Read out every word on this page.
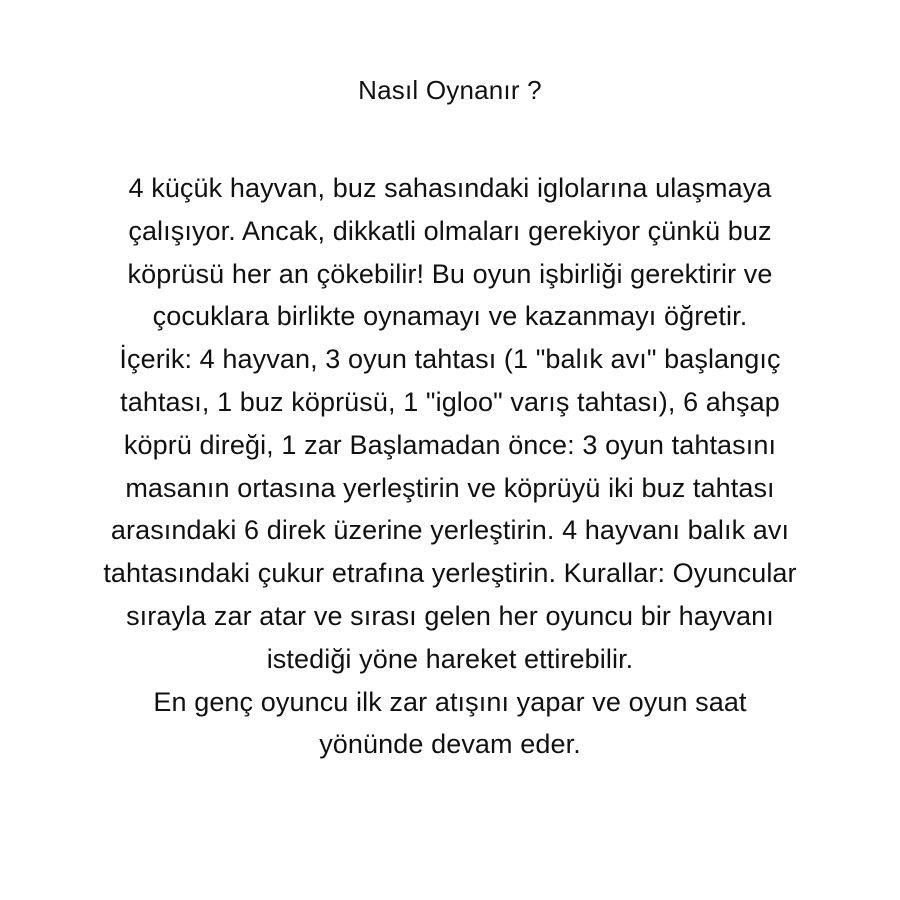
Nasıl Oynanır ?
4 küçük hayvan, buz sahasındaki iglolarına ulaşmaya
çalışıyor. Ancak, dikkatli olmaları gerekiyor çünkü buz
köprüsü her an çökebilir! Bu oyun işbirliği gerektirir ve
çocuklara birlikte oynamayı ve kazanmayı öğretir.
İçerik: 4 hayvan, 3 oyun tahtası (1 "balık avı" başlangıç
tahtası, 1 buz köprüsü, 1 "igloo" varış tahtası), 6 ahşap
köprü direği, 1 zar Başlamadan önce: 3 oyun tahtasını
masanın ortasına yerleştirin ve köprüyü iki buz tahtası
arasındaki 6 direk üzerine yerleştirin. 4 hayvanı balık avı
tahtasındaki çukur etrafına yerleştirin. Kurallar: Oyuncular
sırayla zar atar ve sırası gelen her oyuncu bir hayvanı
istediği yöne hareket ettirebilir.
En genç oyuncu ilk zar atışını yapar ve oyun saat
yönünde devam eder.
